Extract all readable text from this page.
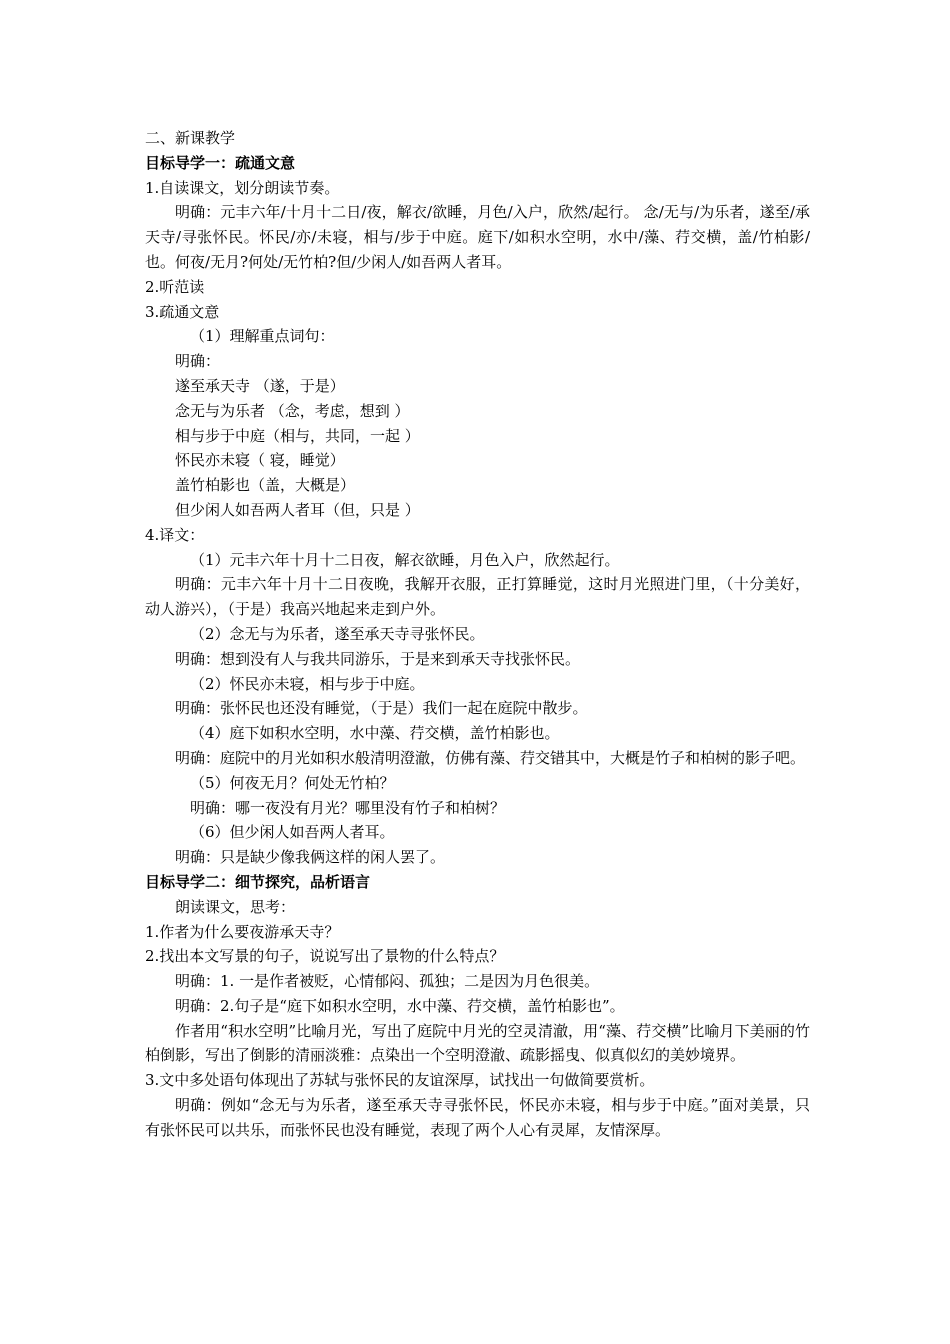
二、新课教学

目标导学一：疏通文意

1.自读课文，划分朗读节奏。

明确：元丰六年/十月十二日/夜，解衣/欲睡，月色/入户，欣然/起行。 念/无与/为乐者，遂至/承天寺/寻张怀民。怀民/亦/未寝，相与/步于中庭。庭下/如积水空明，水中/藻、荇交横，盖/竹柏影/也。何夜/无月?何处/无竹柏?但/少闲人/如吾两人者耳。

2.听范读

3.疏通文意

（1）理解重点词句：

明确：

遂至承天寺 （遂，于是）

念无与为乐者 （念，考虑，想到 ）

相与步于中庭（相与，共同，一起 ）

怀民亦未寝（ 寝，睡觉）

盖竹柏影也（盖，大概是）

但少闲人如吾两人者耳（但，只是 ）

4.译文：

（1）元丰六年十月十二日夜，解衣欲睡，月色入户，欣然起行。

明确：元丰六年十月十二日夜晚，我解开衣服，正打算睡觉，这时月光照进门里，（十分美好，动人游兴），（于是）我高兴地起来走到户外。

（2）念无与为乐者，遂至承天寺寻张怀民。

明确：想到没有人与我共同游乐，于是来到承天寺找张怀民。

（2）怀民亦未寝，相与步于中庭。

明确：张怀民也还没有睡觉，（于是）我们一起在庭院中散步。

（4）庭下如积水空明，水中藻、荇交横，盖竹柏影也。

明确：庭院中的月光如积水般清明澄澈，仿佛有藻、荇交错其中，大概是竹子和柏树的影子吧。

（5）何夜无月？何处无竹柏？

明确：哪一夜没有月光？哪里没有竹子和柏树？

（6）但少闲人如吾两人者耳。

明确：只是缺少像我俩这样的闲人罢了。

目标导学二：细节探究，品析语言

朗读课文，思考：

1.作者为什么要夜游承天寺？

2.找出本文写景的句子，说说写出了景物的什么特点？

明确：1. 一是作者被贬，心情郁闷、孤独；二是因为月色很美。

明确：2.句子是“庭下如积水空明，水中藻、荇交横，盖竹柏影也”。

作者用“积水空明”比喻月光，写出了庭院中月光的空灵清澈，用“藻、荇交横”比喻月下美丽的竹柏倒影，写出了倒影的清丽淡雅：点染出一个空明澄澈、疏影摇曳、似真似幻的美妙境界。

3.文中多处语句体现出了苏轼与张怀民的友谊深厚，试找出一句做简要赏析。

明确：例如“念无与为乐者，遂至承天寺寻张怀民，怀民亦未寝，相与步于中庭。”面对美景，只有张怀民可以共乐，而张怀民也没有睡觉，表现了两个人心有灵犀，友情深厚。
